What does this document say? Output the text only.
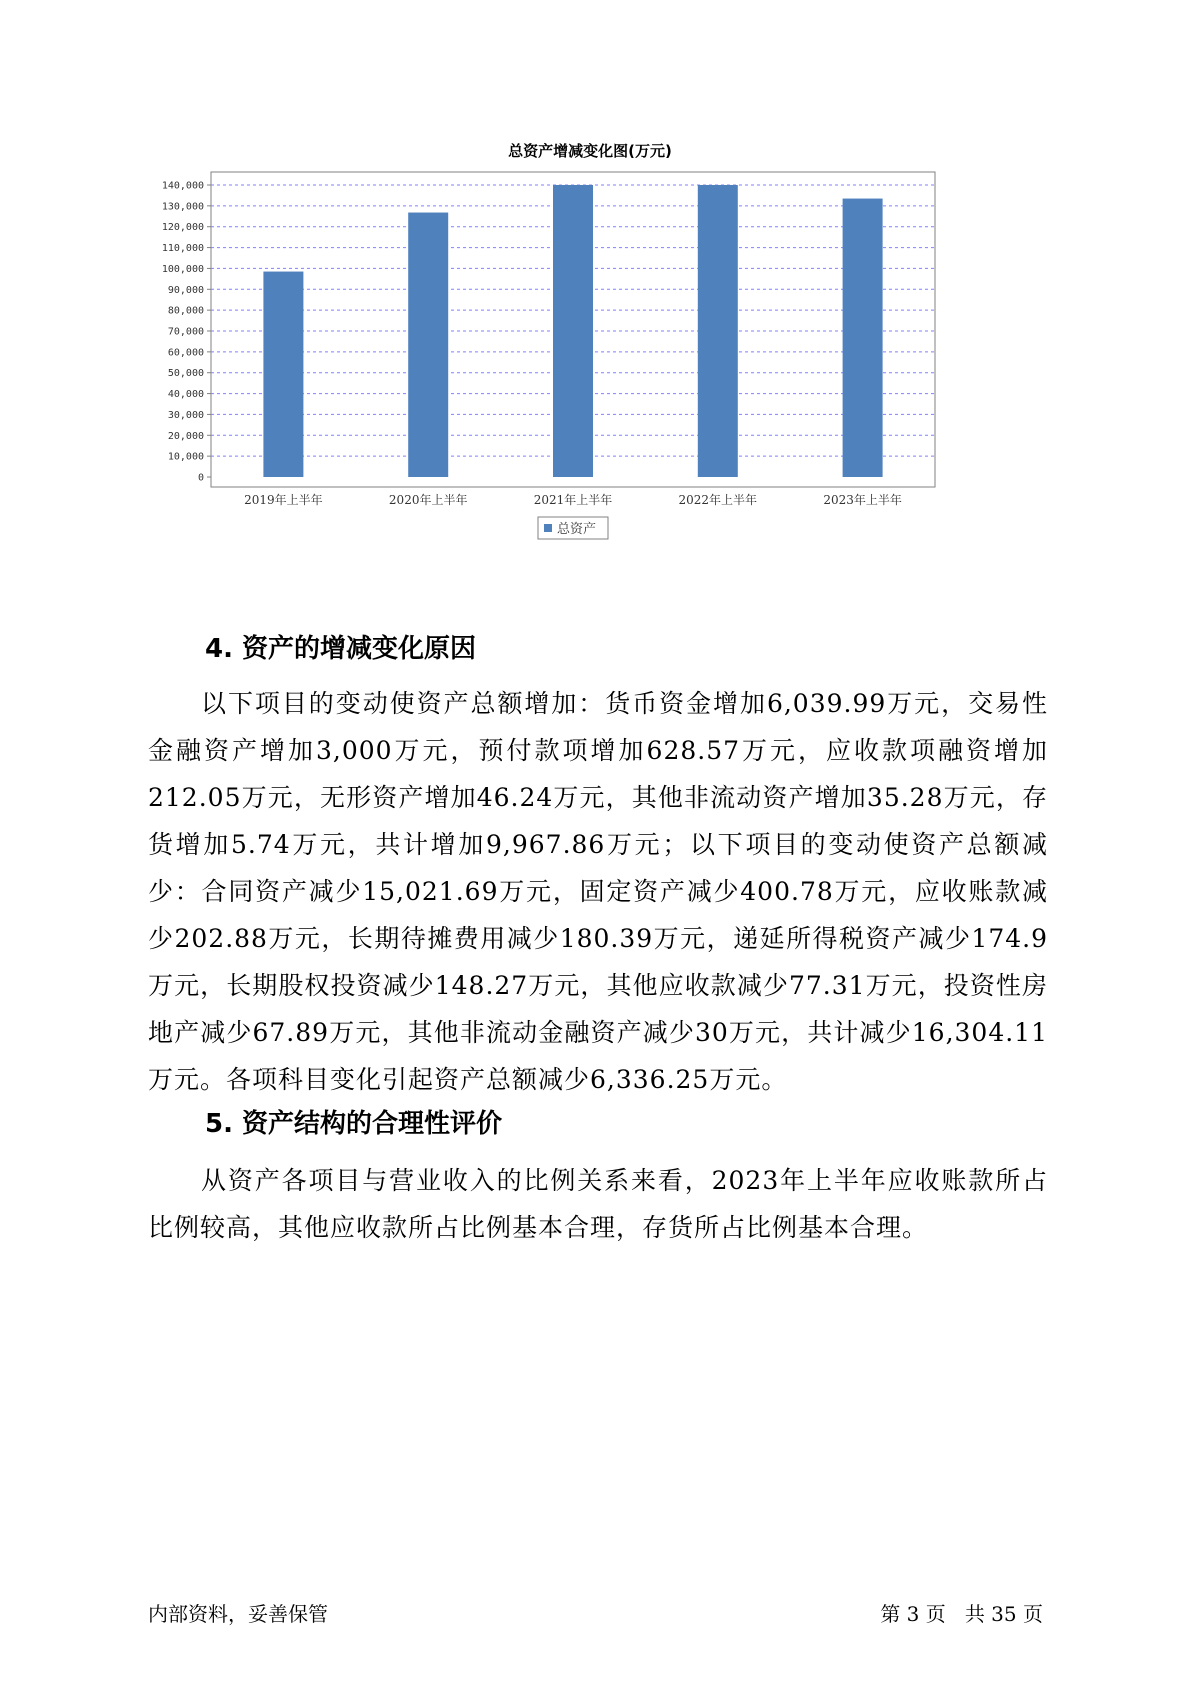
0
10,000
20,000
30,000
40,000
50,000
60,000
70,000
80,000
90,000
100,000
110,000
120,000
130,000
140,000
2019年上半年	2020年上半年	2021年上半年	2022年上半年	2023年上半年
总资产
总资产增减变化图(万元)
4. 资产的增减变化原因
以下项目的变动使资产总额增加：货币资金增加6,039.99万元，交易性金融资产增加3,000万元，预付款项增加628.57万元，应收款项融资增加212.05万元，无形资产增加46.24万元，其他非流动资产增加35.28万元，存货增加5.74万元，共计增加9,967.86万元；以下项目的变动使资产总额减少：合同资产减少15,021.69万元，固定资产减少400.78万元，应收账款减少202.88万元，长期待摊费用减少180.39万元，递延所得税资产减少174.9万元，长期股权投资减少148.27万元，其他应收款减少77.31万元，投资性房地产减少67.89万元，其他非流动金融资产减少30万元，共计减少16,304.11万元。各项科目变化引起资产总额减少6,336.25万元。
5. 资产结构的合理性评价
从资产各项目与营业收入的比例关系来看，2023年上半年应收账款所占比例较高，其他应收款所占比例基本合理，存货所占比例基本合理。
内部资料，妥善保管	第 3 页   共 35 页
